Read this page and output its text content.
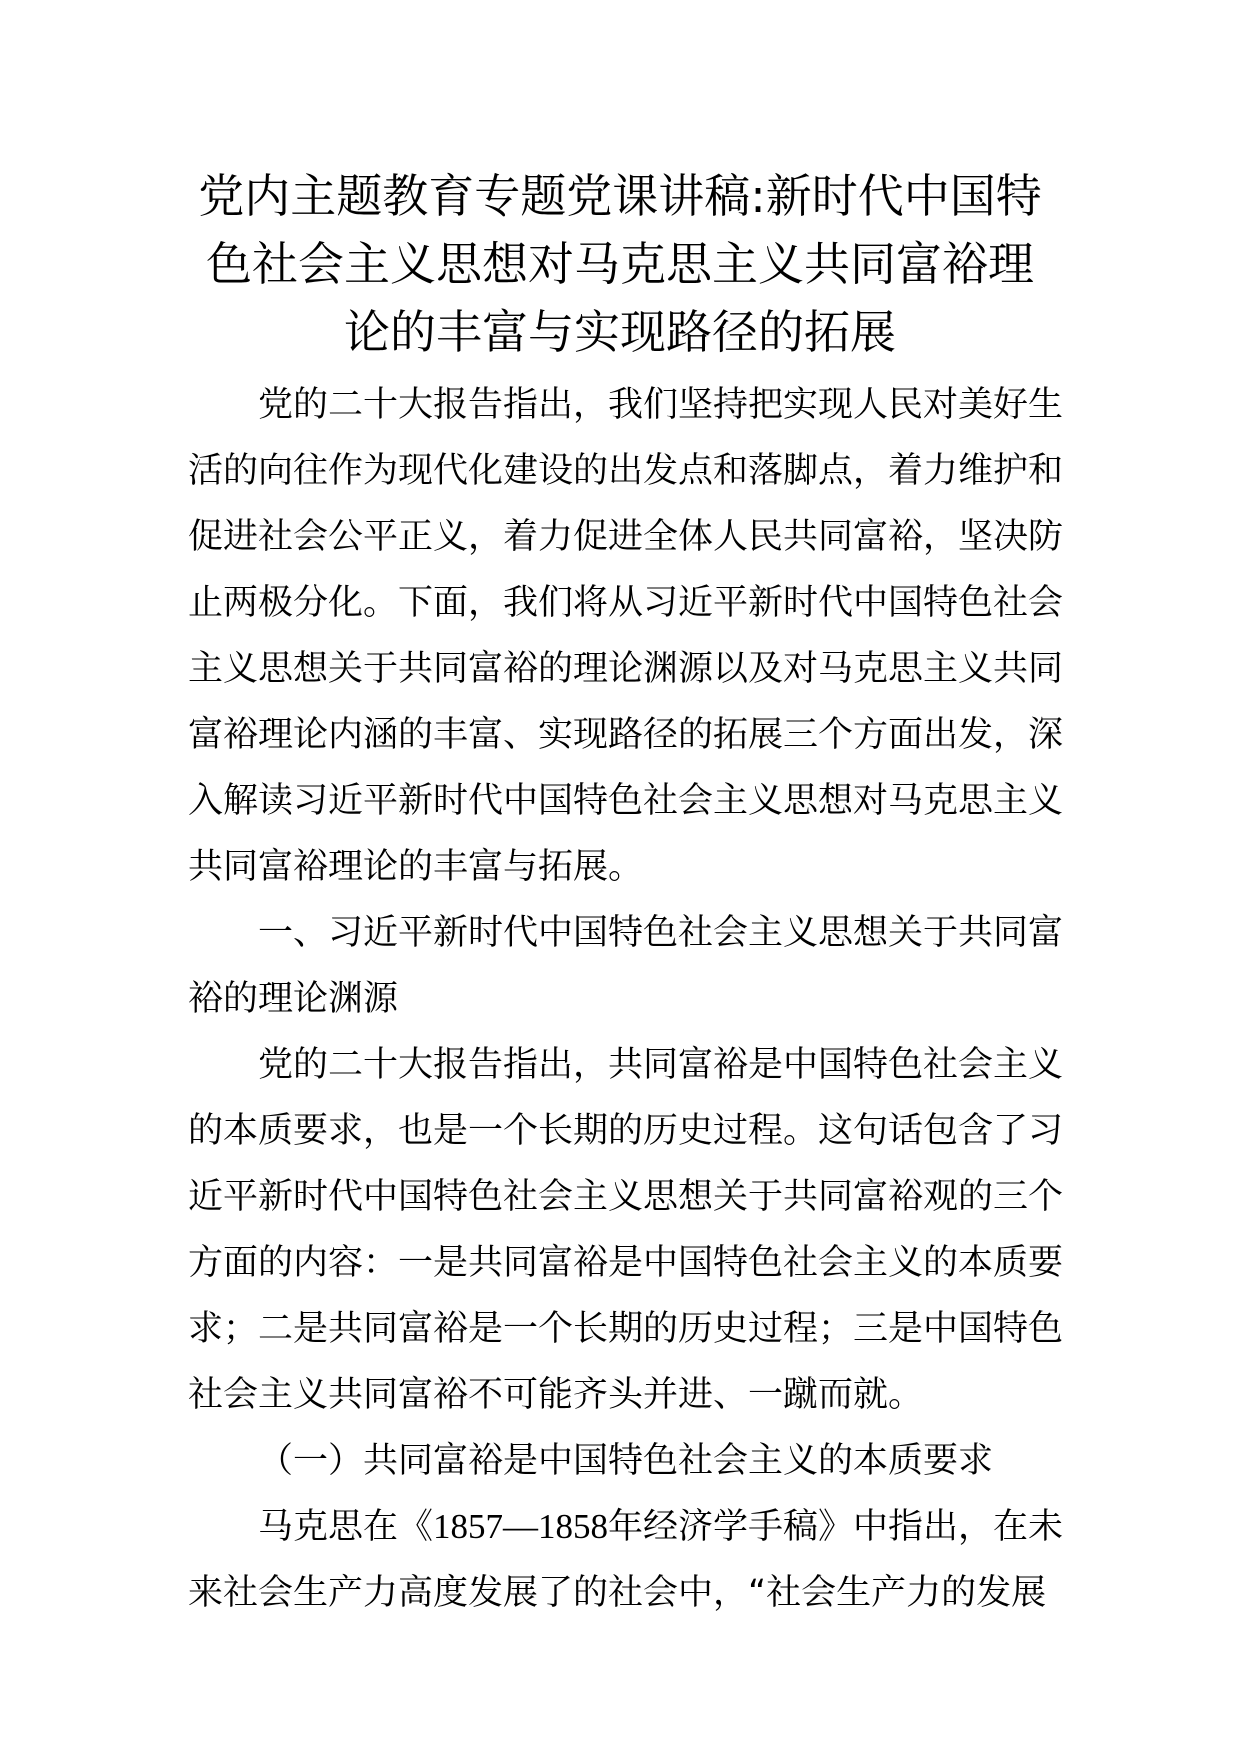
党内主题教育专题党课讲稿:新时代中国特
色社会主义思想对马克思主义共同富裕理
论的丰富与实现路径的拓展
党的二十大报告指出，我们坚持把实现人民对美好生
活的向往作为现代化建设的出发点和落脚点，着力维护和
促进社会公平正义，着力促进全体人民共同富裕，坚决防
止两极分化。下面，我们将从习近平新时代中国特色社会
主义思想关于共同富裕的理论渊源以及对马克思主义共同
富裕理论内涵的丰富、实现路径的拓展三个方面出发，深
入解读习近平新时代中国特色社会主义思想对马克思主义
共同富裕理论的丰富与拓展。
一、习近平新时代中国特色社会主义思想关于共同富
裕的理论渊源
党的二十大报告指出，共同富裕是中国特色社会主义
的本质要求，也是一个长期的历史过程。这句话包含了习
近平新时代中国特色社会主义思想关于共同富裕观的三个
方面的内容：一是共同富裕是中国特色社会主义的本质要
求；二是共同富裕是一个长期的历史过程；三是中国特色
社会主义共同富裕不可能齐头并进、一蹴而就。
（一）共同富裕是中国特色社会主义的本质要求
马克思在《1857—1858年经济学手稿》中指出，在未
来社会生产力高度发展了的社会中，“社会生产力的发展
